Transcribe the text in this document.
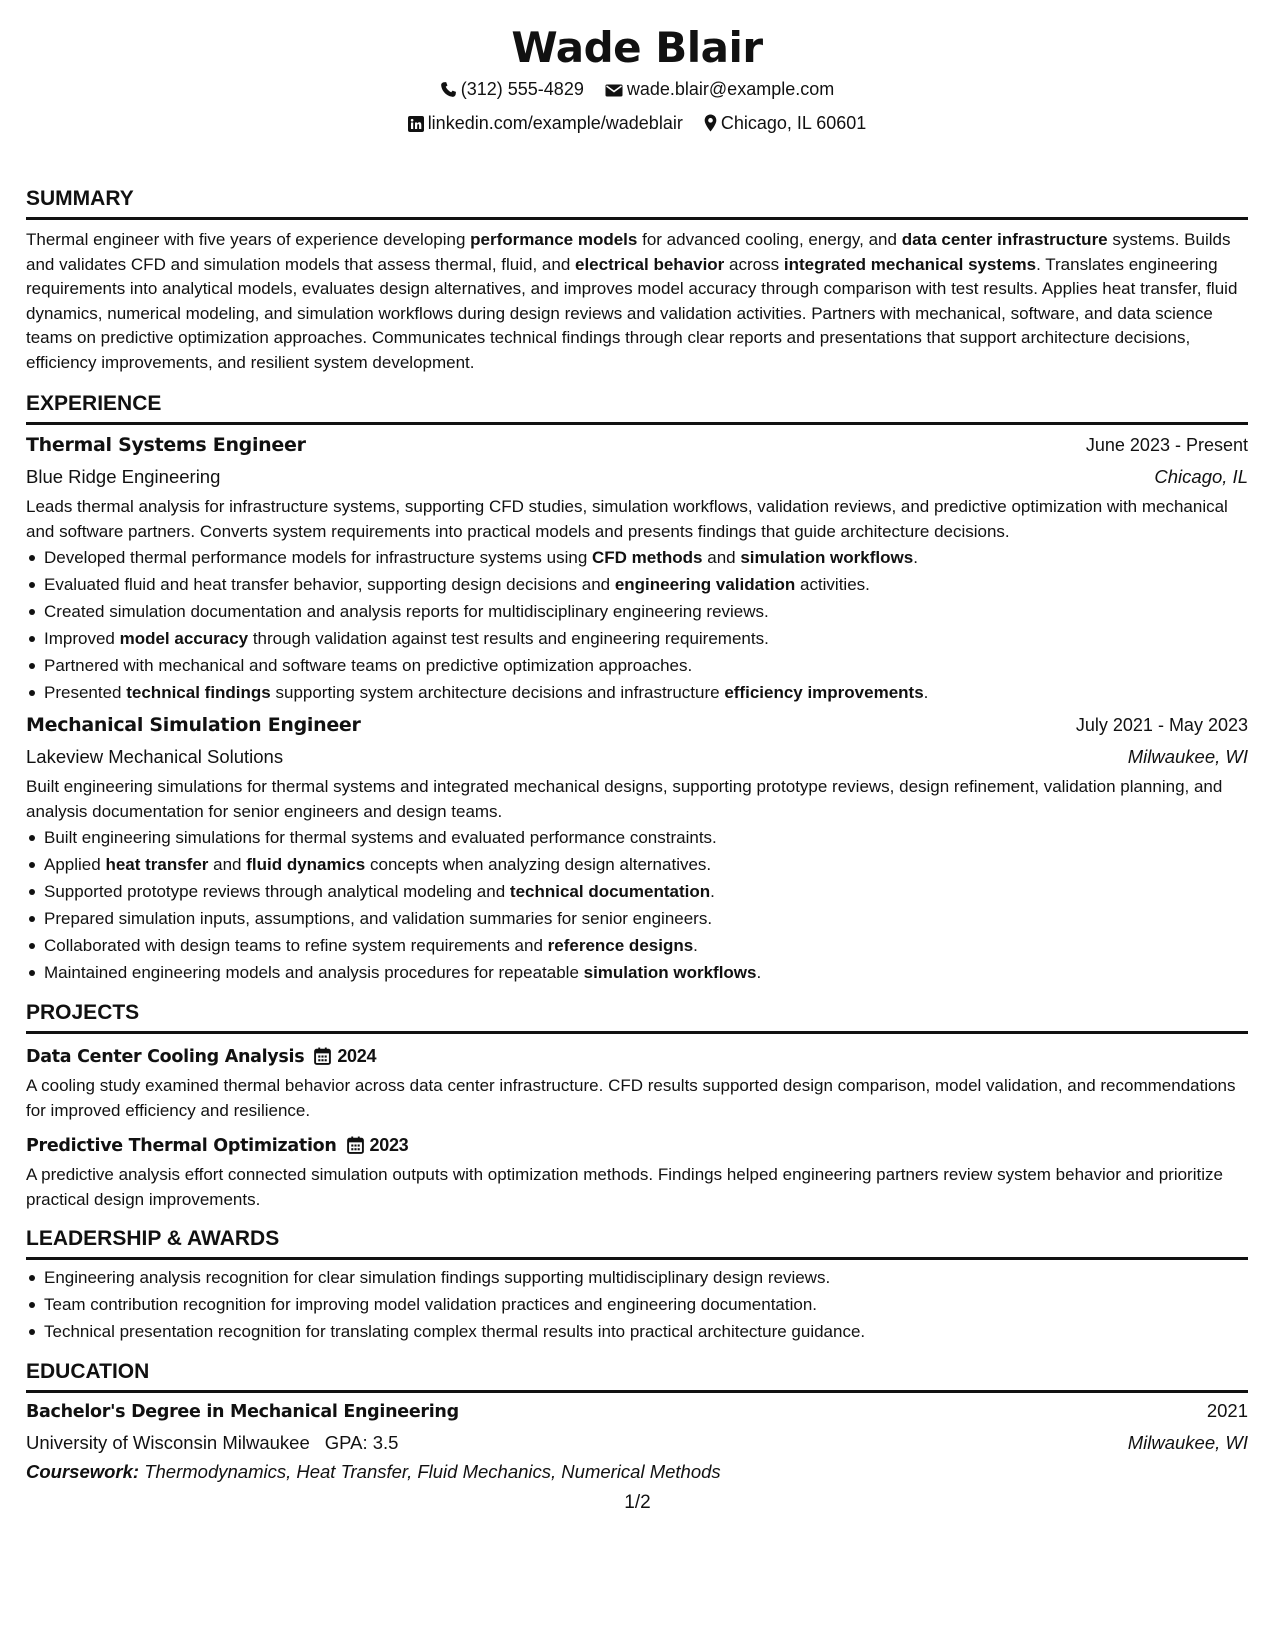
Wade Blair
(312) 555-4829 wade.blair@example.com
linkedin.com/example/wadeblair Chicago, IL 60601
SUMMARY

Thermal engineer with five years of experience developing performance models for advanced cooling, energy, and data center infrastructure systems. Builds and validates CFD and simulation models that assess thermal, fluid, and electrical behavior across integrated mechanical systems. Translates engineering requirements into analytical models, evaluates design alternatives, and improves model accuracy through comparison with test results. Applies heat transfer, fluid dynamics, numerical modeling, and simulation workflows during design reviews and validation activities. Partners with mechanical, software, and data science teams on predictive optimization approaches. Communicates technical findings through clear reports and presentations that support architecture decisions, efficiency improvements, and resilient system development.

EXPERIENCE
Thermal Systems Engineer	June 2023 - Present
Blue Ridge Engineering	Chicago, IL

Leads thermal analysis for infrastructure systems, supporting CFD studies, simulation workflows, validation reviews, and predictive optimization with mechanical and software partners. Converts system requirements into practical models and presents findings that guide architecture decisions.

Developed thermal performance models for infrastructure systems using CFD methods and simulation workflows.
Evaluated fluid and heat transfer behavior, supporting design decisions and engineering validation activities.
Created simulation documentation and analysis reports for multidisciplinary engineering reviews.
Improved model accuracy through validation against test results and engineering requirements.
Partnered with mechanical and software teams on predictive optimization approaches.
Presented technical findings supporting system architecture decisions and infrastructure efficiency improvements.
Mechanical Simulation Engineer	July 2021 - May 2023
Lakeview Mechanical Solutions	Milwaukee, WI

Built engineering simulations for thermal systems and integrated mechanical designs, supporting prototype reviews, design refinement, validation planning, and analysis documentation for senior engineers and design teams.

Built engineering simulations for thermal systems and evaluated performance constraints.
Applied heat transfer and fluid dynamics concepts when analyzing design alternatives.
Supported prototype reviews through analytical modeling and technical documentation.
Prepared simulation inputs, assumptions, and validation summaries for senior engineers.
Collaborated with design teams to refine system requirements and reference designs.
Maintained engineering models and analysis procedures for repeatable simulation workflows.
PROJECTS
Data Center Cooling Analysis 2024

A cooling study examined thermal behavior across data center infrastructure. CFD results supported design comparison, model validation, and recommendations for improved efficiency and resilience.

Predictive Thermal Optimization 2023

A predictive analysis effort connected simulation outputs with optimization methods. Findings helped engineering partners review system behavior and prioritize practical design improvements.

LEADERSHIP & AWARDS
Engineering analysis recognition for clear simulation findings supporting multidisciplinary design reviews.
Team contribution recognition for improving model validation practices and engineering documentation.
Technical presentation recognition for translating complex thermal results into practical architecture guidance.
EDUCATION
Bachelor's Degree in Mechanical Engineering	2021
University of Wisconsin Milwaukee GPA: 3.5	Milwaukee, WI
Coursework: Thermodynamics, Heat Transfer, Fluid Mechanics, Numerical Methods
1/2
